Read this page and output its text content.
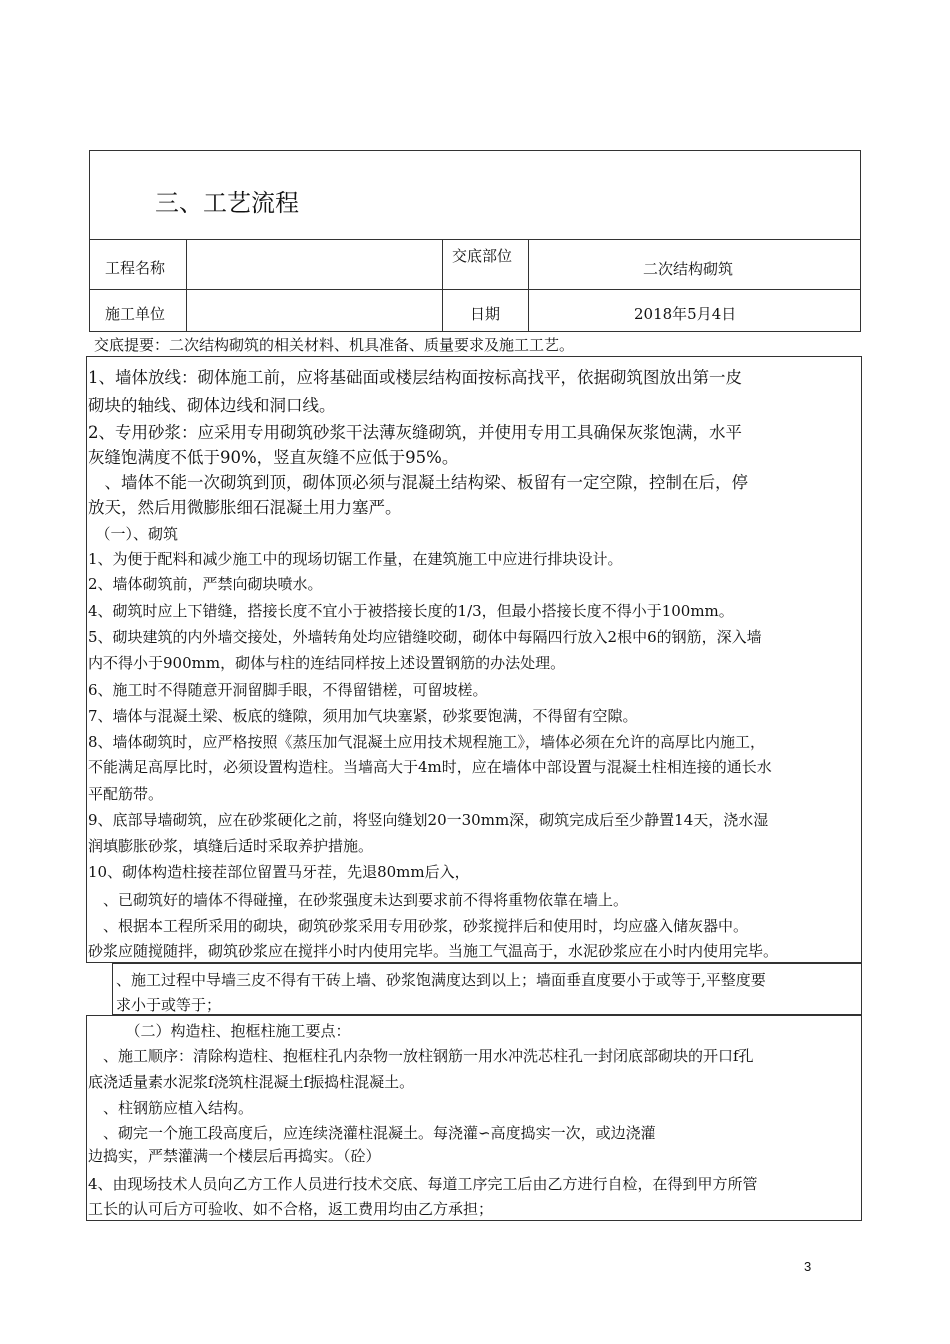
三、工艺流程
工程名称
交底部位
二次结构砌筑
施工单位	日期	2018年5月4日
交底提要：二次结构砌筑的相关材料、机具准备、质量要求及施工工艺。
1、墙体放线：砌体施工前，应将基础面或楼层结构面按标高找平，依据砌筑图放出第一皮
砌块的轴线、砌体边线和洞口线。
2、专用砂浆：应采用专用砌筑砂浆干法薄灰缝砌筑，并使用专用工具确保灰浆饱满，水平
灰缝饱满度不低于90%，竖直灰缝不应低于95%。
　、墙体不能一次砌筑到顶，砌体顶必须与混凝土结构梁、板留有一定空隙，控制在后，停
放天，然后用微膨胀细石混凝土用力塞严。
　（一）、砌筑
1、为便于配料和减少施工中的现场切锯工作量，在建筑施工中应进行排块设计。
2、墙体砌筑前，严禁向砌块喷水。
4、砌筑时应上下错缝，搭接长度不宜小于被搭接长度的1/3，但最小搭接长度不得小于100mm。
5、砌块建筑的内外墙交接处，外墙转角处均应错缝咬砌，砌体中每隔四行放入2根中6的钢筋，深入墙
内不得小于900mm，砌体与柱的连结同样按上述设置钢筋的办法处理。
6、施工时不得随意开洞留脚手眼，不得留错槎，可留坡槎。
7、墙体与混凝土梁、板底的缝隙，须用加气块塞紧，砂浆要饱满，不得留有空隙。
8、墙体砌筑时，应严格按照《蒸压加气混凝土应用技术规程施工》，墙体必须在允许的高厚比内施工，
不能满足高厚比时，必须设置构造柱。当墙高大于4m时，应在墙体中部设置与混凝土柱相连接的通长水
平配筋带。
9、底部导墙砌筑，应在砂浆硬化之前，将竖向缝划20一30mm深，砌筑完成后至少静置14天，浇水湿
润填膨胀砂浆，填缝后适时采取养护措施。
10、砌体构造柱接茬部位留置马牙茬，先退80mm后入，
　、已砌筑好的墙体不得碰撞，在砂浆强度未达到要求前不得将重物依靠在墙上。
　、根据本工程所采用的砌块，砌筑砂浆采用专用砂浆，砂浆搅拌后和使用时，均应盛入储灰器中。
砂浆应随搅随拌，砌筑砂浆应在搅拌小时内使用完毕。当施工气温高于，水泥砂浆应在小时内使用完毕。
、施工过程中导墙三皮不得有干砖上墙、砂浆饱满度达到以上；墙面垂直度要小于或等于,平整度要
求小于或等于；
　　　（二）构造柱、抱框柱施工要点：
　、施工顺序：清除构造柱、抱框柱孔内杂物一放柱钢筋一用水冲洗芯柱孔一封闭底部砌块的开口f孔
底浇适量素水泥浆f浇筑柱混凝土f振捣柱混凝土。
　、柱钢筋应植入结构。
　、砌完一个施工段高度后，应连续浇灌柱混凝土。每浇灌∽高度捣实一次，或边浇灌
边捣实，严禁灌满一个楼层后再捣实。（砼）
4、由现场技术人员向乙方工作人员进行技术交底、每道工序完工后由乙方进行自检，在得到甲方所管
工长的认可后方可验收、如不合格，返工费用均由乙方承担；
3
